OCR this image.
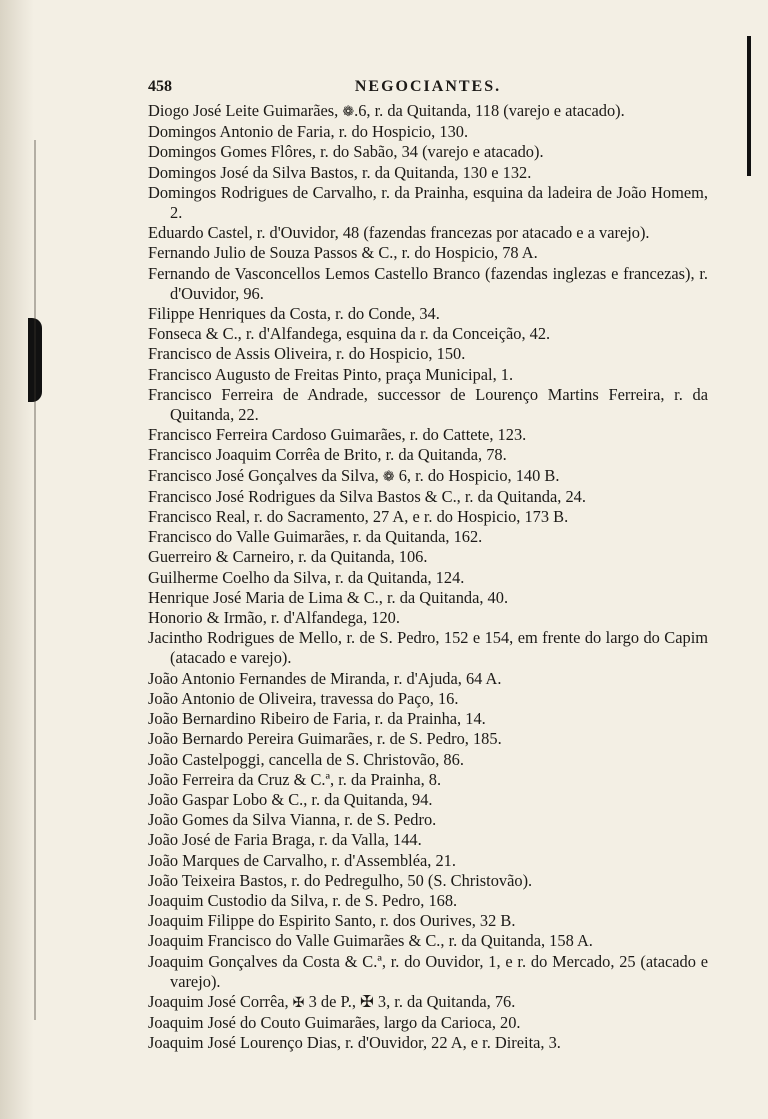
458	NEGOCIANTES.
Diogo José Leite Guimarães, ❁.6, r. da Quitanda, 118 (varejo e atacado).
Domingos Antonio de Faria, r. do Hospicio, 130.
Domingos Gomes Flôres, r. do Sabão, 34 (varejo e atacado).
Domingos José da Silva Bastos, r. da Quitanda, 130 e 132.
Domingos Rodrigues de Carvalho, r. da Prainha, esquina da ladeira de João Homem, 2.
Eduardo Castel, r. d'Ouvidor, 48 (fazendas francezas por atacado e a varejo).
Fernando Julio de Souza Passos & C., r. do Hospicio, 78 A.
Fernando de Vasconcellos Lemos Castello Branco (fazendas inglezas e francezas), r. d'Ouvidor, 96.
Filippe Henriques da Costa, r. do Conde, 34.
Fonseca & C., r. d'Alfandega, esquina da r. da Conceição, 42.
Francisco de Assis Oliveira, r. do Hospicio, 150.
Francisco Augusto de Freitas Pinto, praça Municipal, 1.
Francisco Ferreira de Andrade, successor de Lourenço Martins Ferreira, r. da Quitanda, 22.
Francisco Ferreira Cardoso Guimarães, r. do Cattete, 123.
Francisco Joaquim Corrêa de Brito, r. da Quitanda, 78.
Francisco José Gonçalves da Silva, ❁ 6, r. do Hospicio, 140 B.
Francisco José Rodrigues da Silva Bastos & C., r. da Quitanda, 24.
Francisco Real, r. do Sacramento, 27 A, e r. do Hospicio, 173 B.
Francisco do Valle Guimarães, r. da Quitanda, 162.
Guerreiro & Carneiro, r. da Quitanda, 106.
Guilherme Coelho da Silva, r. da Quitanda, 124.
Henrique José Maria de Lima & C., r. da Quitanda, 40.
Honorio & Irmão, r. d'Alfandega, 120.
Jacintho Rodrigues de Mello, r. de S. Pedro, 152 e 154, em frente do largo do Capim (atacado e varejo).
João Antonio Fernandes de Miranda, r. d'Ajuda, 64 A.
João Antonio de Oliveira, travessa do Paço, 16.
João Bernardino Ribeiro de Faria, r. da Prainha, 14.
João Bernardo Pereira Guimarães, r. de S. Pedro, 185.
João Castelpoggi, cancella de S. Christovão, 86.
João Ferreira da Cruz & C.ª, r. da Prainha, 8.
João Gaspar Lobo & C., r. da Quitanda, 94.
João Gomes da Silva Vianna, r. de S. Pedro.
João José de Faria Braga, r. da Valla, 144.
João Marques de Carvalho, r. d'Assembléa, 21.
João Teixeira Bastos, r. do Pedregulho, 50 (S. Christovão).
Joaquim Custodio da Silva, r. de S. Pedro, 168.
Joaquim Filippe do Espirito Santo, r. dos Ourives, 32 B.
Joaquim Francisco do Valle Guimarães & C., r. da Quitanda, 158 A.
Joaquim Gonçalves da Costa & C.ª, r. do Ouvidor, 1, e r. do Mercado, 25 (atacado e varejo).
Joaquim José Corrêa, ✠ 3 de P., ✠ 3, r. da Quitanda, 76.
Joaquim José do Couto Guimarães, largo da Carioca, 20.
Joaquim José Lourenço Dias, r. d'Ouvidor, 22 A, e r. Direita, 3.
